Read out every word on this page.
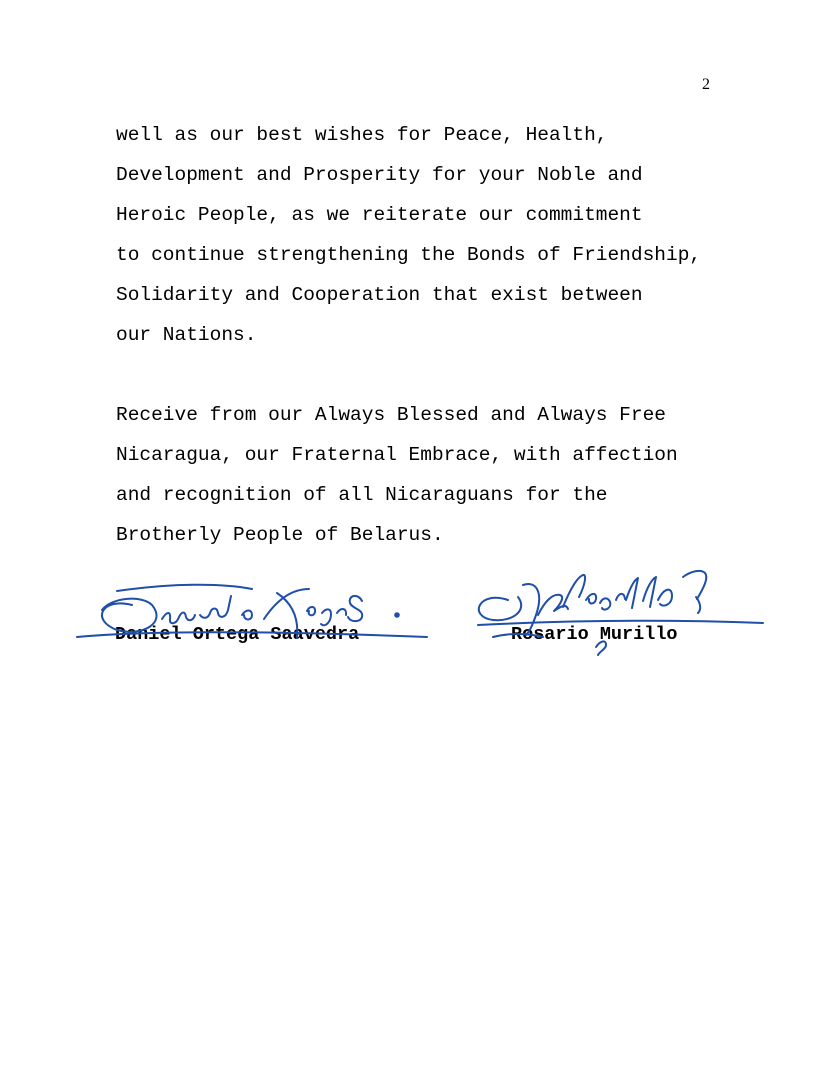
2

well as our best wishes for Peace, Health,

Development and Prosperity for your Noble and

Heroic People, as we reiterate our commitment

to continue strengthening the Bonds of Friendship,

Solidarity and Cooperation that exist between

our Nations.

Receive from our Always Blessed and Always Free

Nicaragua, our Fraternal Embrace, with affection

and recognition of all Nicaraguans for the

Brotherly People of Belarus.

Daniel Ortega Saavedra	Rosario Murillo
